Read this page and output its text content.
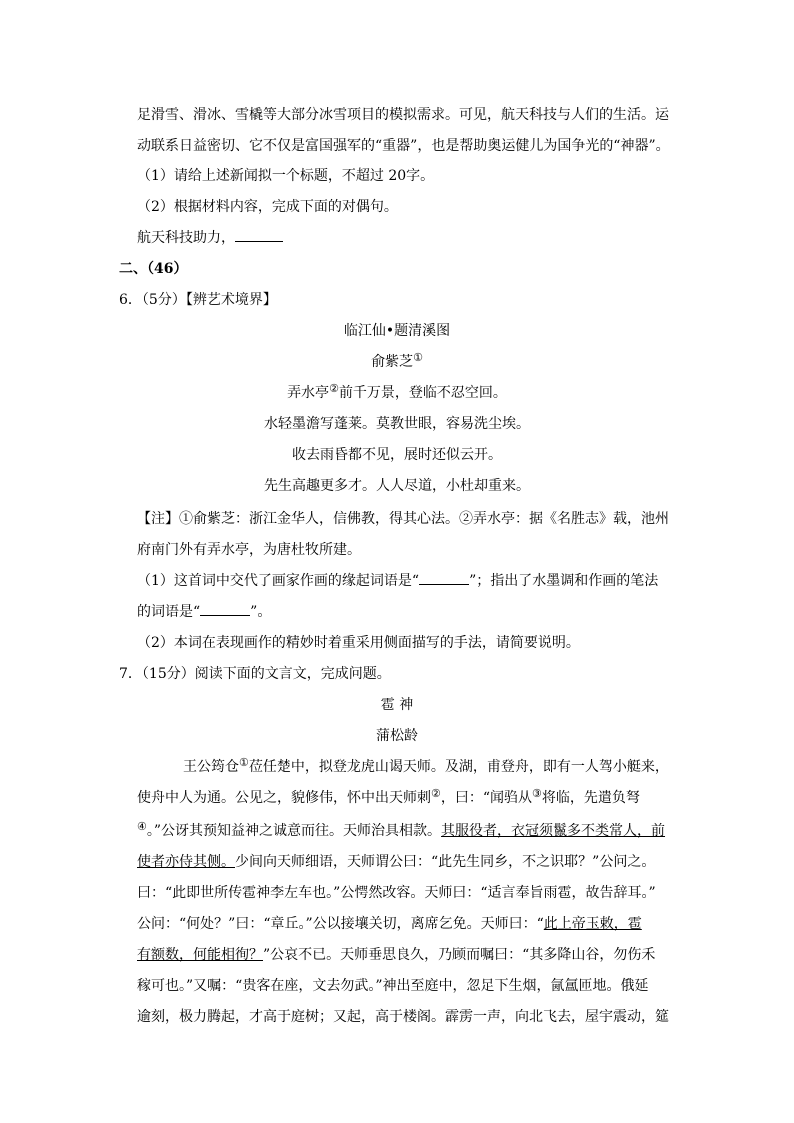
足滑雪、滑冰、雪橇等大部分冰雪项目的模拟需求。可见，航天科技与人们的生活。运
动联系日益密切、它不仅是富国强军的“重器”，也是帮助奥运健儿为国争光的“神器”。
（1）请给上述新闻拟一个标题，不超过 20字。
（2）根据材料内容，完成下面的对偶句。
航天科技助力，
二、（46）
6．（5分）【辨艺术境界】
临江仙•题清溪图
俞紫芝①
弄水亭②前千万景，登临不忍空回。
水轻墨澹写蓬莱。莫教世眼，容易洗尘埃。
收去雨昏都不见，展时还似云开。
先生高趣更多才。人人尽道，小杜却重来。
【注】①俞紫芝：浙江金华人，信佛教，得其心法。②弄水亭：据《名胜志》载，池州
府南门外有弄水亭，为唐杜牧所建。
（1）这首词中交代了画家作画的缘起词语是“	”；指出了水墨调和作画的笔法
的词语是“	”。
（2）本词在表现画作的精妙时着重采用侧面描写的手法，请简要说明。
7．（15分）阅读下面的文言文，完成问题。
雹 神
蒲松龄
王公筠仓①莅任楚中，拟登龙虎山谒天师。及湖，甫登舟，即有一人驾小艇来，
使舟中人为通。公见之，貌修伟，怀中出天师刺②，曰：“闻驺从③将临，先遣负弩
④。”公讶其预知益神之诚意而往。天师治具相款。其服役者，衣冠须鬣多不类常人，前
使者亦侍其侧。少间向天师细语，天师谓公曰：“此先生同乡，不之识耶？”公问之。
曰：“此即世所传雹神李左车也。”公愕然改容。天师曰：“适言奉旨雨雹，故告辞耳。”
公问：“何处？”曰：“章丘。”公以接壤关切，离席乞免。天师曰：“此上帝玉敕，雹
有额数，何能相徇？”公哀不已。天师垂思良久，乃顾而嘱曰：“其多降山谷，勿伤禾
稼可也。”又嘱：“贵客在座，文去勿武。”神出至庭中，忽足下生烟，氤氲匝地。俄延
逾刻，极力腾起，才高于庭树；又起，高于楼阁。霹雳一声，向北飞去，屋宇震动，筵
